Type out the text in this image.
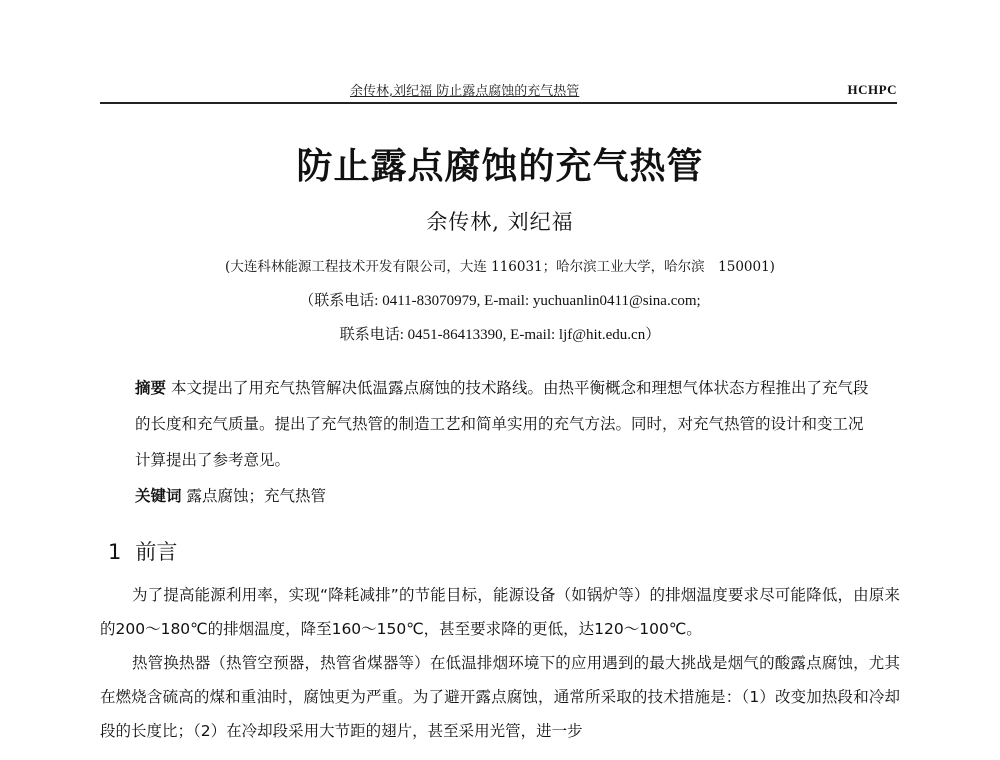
余传林,刘纪福 防止露点腐蚀的充气热管	HCHPC
防止露点腐蚀的充气热管
余传林, 刘纪福
(大连科林能源工程技术开发有限公司，大连 116031；哈尔滨工业大学，哈尔滨　150001)
（联系电话: 0411-83070979, E-mail: yuchuanlin0411@sina.com;
联系电话: 0451-86413390, E-mail: ljf@hit.edu.cn）
摘要 本文提出了用充气热管解决低温露点腐蚀的技术路线。由热平衡概念和理想气体状态方程推出了充气段的长度和充气质量。提出了充气热管的制造工艺和简单实用的充气方法。同时，对充气热管的设计和变工况计算提出了参考意见。
关键词 露点腐蚀；充气热管
1 前言

为了提高能源利用率，实现“降耗减排”的节能目标，能源设备（如锅炉等）的排烟温度要求尽可能降低，由原来的200～180℃的排烟温度，降至160～150℃，甚至要求降的更低，达120～100℃。

热管换热器（热管空预器，热管省煤器等）在低温排烟环境下的应用遇到的最大挑战是烟气的酸露点腐蚀，尤其在燃烧含硫高的煤和重油时，腐蚀更为严重。为了避开露点腐蚀，通常所采取的技术措施是：（1）改变加热段和冷却段的长度比；（2）在冷却段采用大节距的翅片，甚至采用光管，进一步
